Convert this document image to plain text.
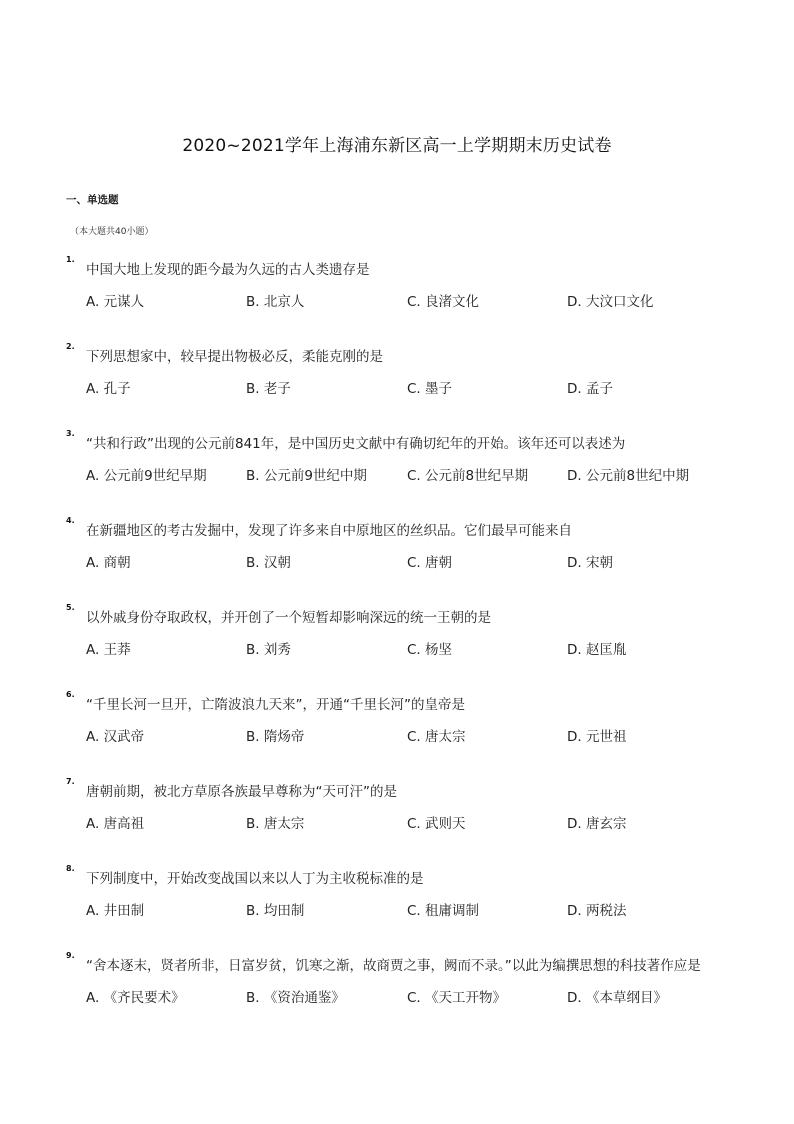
2020~2021学年上海浦东新区高一上学期期末历史试卷
一、单选题
（本大题共40小题）
1.
中国大地上发现的距今最为久远的古人类遗存是
A. 元谋人	B. 北京人	C. 良渚文化	D. 大汶口文化
2.
下列思想家中，较早提出物极必反，柔能克刚的是
A. 孔子	B. 老子	C. 墨子	D. 孟子
3.
“共和行政”出现的公元前841年，是中国历史文献中有确切纪年的开始。该年还可以表述为
A. 公元前9世纪早期	B. 公元前9世纪中期	C. 公元前8世纪早期	D. 公元前8世纪中期
4.
在新疆地区的考古发掘中，发现了许多来自中原地区的丝织品。它们最早可能来自
A. 商朝	B. 汉朝	C. 唐朝	D. 宋朝
5.
以外戚身份夺取政权，并开创了一个短暂却影响深远的统一王朝的是
A. 王莽	B. 刘秀	C. 杨坚	D. 赵匡胤
6.
“千里长河一旦开，亡隋波浪九天来”，开通“千里长河”的皇帝是
A. 汉武帝	B. 隋炀帝	C. 唐太宗	D. 元世祖
7.
唐朝前期，被北方草原各族最早尊称为“天可汗”的是
A. 唐高祖	B. 唐太宗	C. 武则天	D. 唐玄宗
8.
下列制度中，开始改变战国以来以人丁为主收税标准的是
A. 井田制	B. 均田制	C. 租庸调制	D. 两税法
9.
“舍本逐末，贤者所非，日富岁贫，饥寒之渐，故商贾之事，阙而不录。”以此为编撰思想的科技著作应是
A. 《齐民要术》	B. 《资治通鉴》	C. 《天工开物》	D. 《本草纲目》
